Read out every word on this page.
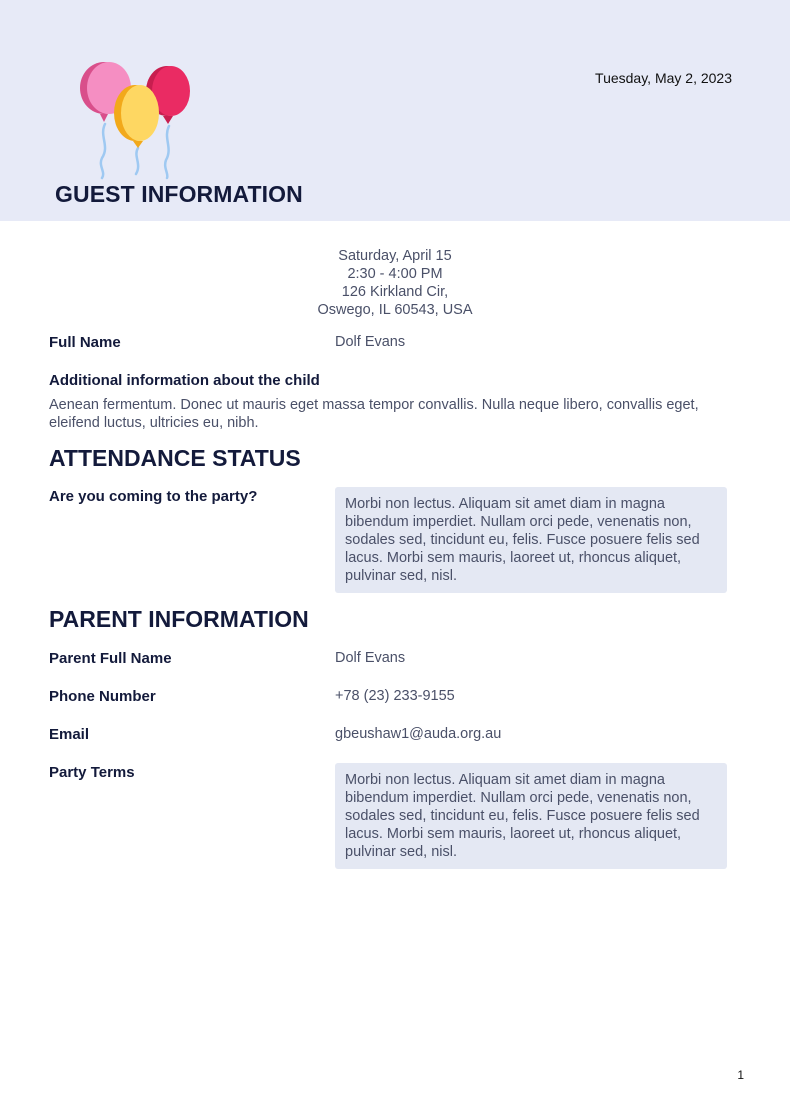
Tuesday, May 2, 2023
GUEST INFORMATION
Saturday, April 15
2:30 - 4:00 PM
126 Kirkland Cir,
Oswego, IL 60543, USA
Full Name	Dolf Evans
Additional information about the child
Aenean fermentum. Donec ut mauris eget massa tempor convallis. Nulla neque libero, convallis eget, eleifend luctus, ultricies eu, nibh.
ATTENDANCE STATUS
Are you coming to the party?	Morbi non lectus. Aliquam sit amet diam in magna bibendum imperdiet. Nullam orci pede, venenatis non, sodales sed, tincidunt eu, felis. Fusce posuere felis sed lacus. Morbi sem mauris, laoreet ut, rhoncus aliquet, pulvinar sed, nisl.
PARENT INFORMATION
Parent Full Name	Dolf Evans
Phone Number	+78 (23) 233-9155
Email	gbeushaw1@auda.org.au
Party Terms	Morbi non lectus. Aliquam sit amet diam in magna bibendum imperdiet. Nullam orci pede, venenatis non, sodales sed, tincidunt eu, felis. Fusce posuere felis sed lacus. Morbi sem mauris, laoreet ut, rhoncus aliquet, pulvinar sed, nisl.
1
